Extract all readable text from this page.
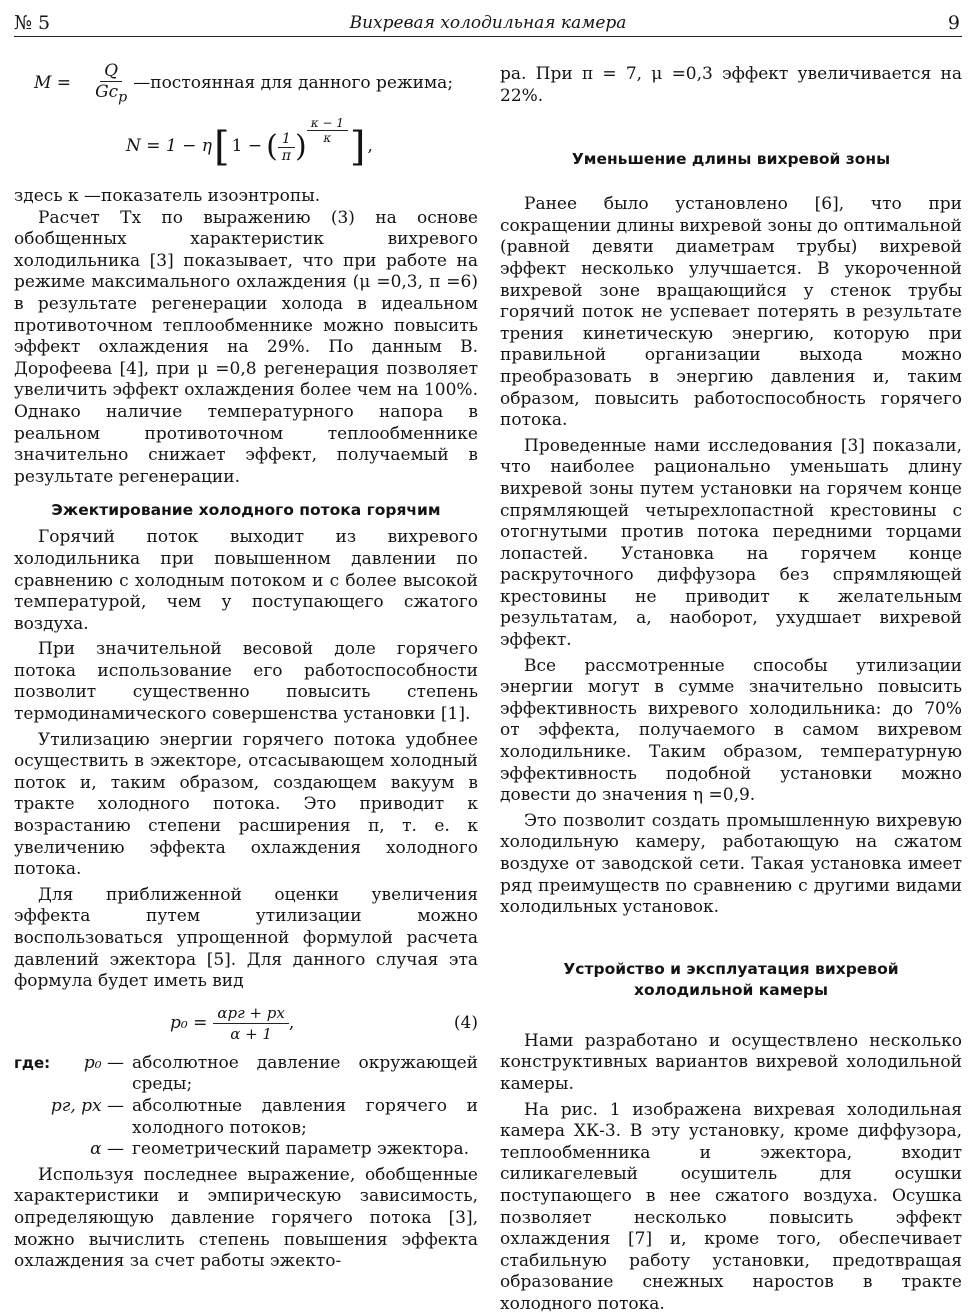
№ 5	Вихревая холодильная камера	9
$M = \frac{Q}{Gc_p}$ —постоянная для данного режима;
N = 1 − η [ 1 − ( $\frac{1}{\pi}$ ) $\frac{\kappa - 1}{\kappa}$ ] ,

здесь κ —показатель изоэнтропы.

Расчет Tx по выражению (3) на основе обобщенных характеристик вихревого холодильника [3] показывает, что при работе на режиме максимального охлаждения (μ =0,3, π =6) в результате регенерации холода в идеальном противоточном теплообменнике можно повысить эффект охлаждения на 29%. По данным В. Дорофеева [4], при μ =0,8 регенерация позволяет увеличить эффект охлаждения более чем на 100%. Однако наличие температурного напора в реальном противоточном теплообменнике значительно снижает эффект, получаемый в результате регенерации.

Эжектирование холодного потока горячим

Горячий поток выходит из вихревого холодильника при повышенном давлении по сравнению с холодным потоком и с более высокой температурой, чем у поступающего сжатого воздуха.

При значительной весовой доле горячего потока использование его работоспособности позволит существенно повысить степень термодинамического совершенства установки [1].

Утилизацию энергии горячего потока удобнее осуществить в эжекторе, отсасывающем холодный поток и, таким образом, создающем вакуум в тракте холодного потока. Это приводит к возрастанию степени расширения π, т. е. к увеличению эффекта охлаждения холодного потока.

Для приближенной оценки увеличения эффекта путем утилизации можно воспользоваться упрощенной формулой расчета давлений эжектора [5]. Для данного случая эта формула будет иметь вид

$p_0 = \frac{\text{αpг + px}}{\alpha + 1}$ ,	(4)
где:	p₀ — абсолютное давление окружающей среды;
pг, px — абсолютные давления горячего и холодного потоков;
α — геометрический параметр эжектора.

Используя последнее выражение, обобщенные характеристики и эмпирическую зависимость, определяющую давление горячего потока [3], можно вычислить степень повышения эффекта охлаждения за счет работы эжекто-

ра. При π = 7, μ =0,3 эффект увеличивается на 22%.

Уменьшение длины вихревой зоны

Ранее было установлено [6], что при сокращении длины вихревой зоны до оптимальной (равной девяти диаметрам трубы) вихревой эффект несколько улучшается. В укороченной вихревой зоне вращающийся у стенок трубы горячий поток не успевает потерять в результате трения кинетическую энергию, которую при правильной организации выхода можно преобразовать в энергию давления и, таким образом, повысить работоспособность горячего потока.

Проведенные нами исследования [3] показали, что наиболее рационально уменьшать длину вихревой зоны путем установки на горячем конце спрямляющей четырехлопастной крестовины с отогнутыми против потока передними торцами лопастей. Установка на горячем конце раскруточного диффузора без спрямляющей крестовины не приводит к желательным результатам, а, наоборот, ухудшает вихревой эффект.

Все рассмотренные способы утилизации энергии могут в сумме значительно повысить эффективность вихревого холодильника: до 70% от эффекта, получаемого в самом вихревом холодильнике. Таким образом, температурную эффективность подобной установки можно довести до значения η =0,9.

Это позволит создать промышленную вихревую холодильную камеру, работающую на сжатом воздухе от заводской сети. Такая установка имеет ряд преимуществ по сравнению с другими видами холодильных установок.

Устройство и эксплуатация вихревой холодильной камеры

Нами разработано и осуществлено несколько конструктивных вариантов вихревой холодильной камеры.

На рис. 1 изображена вихревая холодильная камера ХК-3. В эту установку, кроме диффузора, теплообменника и эжектора, входит силикагелевый осушитель для осушки поступающего в нее сжатого воздуха. Осушка позволяет несколько повысить эффект охлаждения [7] и, кроме того, обеспечивает стабильную работу установки, предотвращая образование снежных наростов в тракте холодного потока.
